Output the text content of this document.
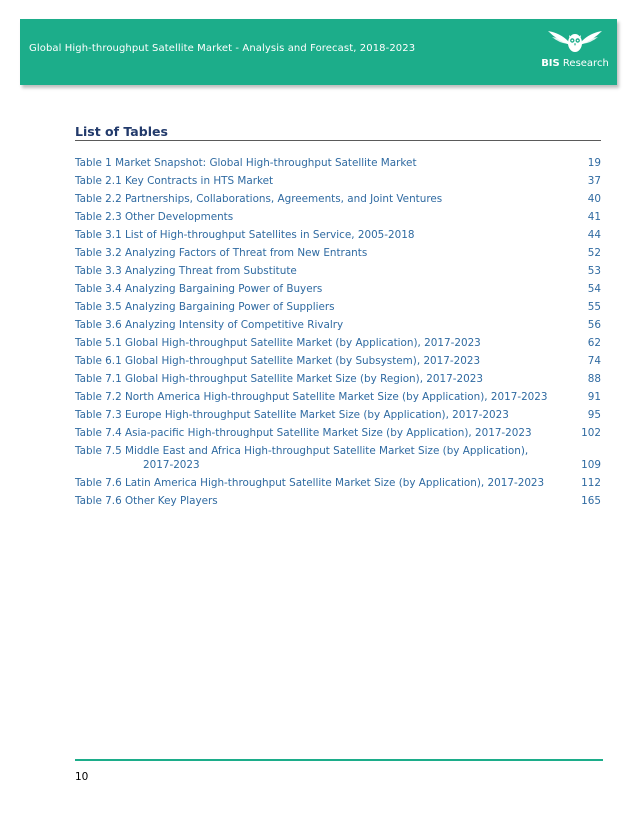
Global High-throughput Satellite Market - Analysis and Forecast, 2018-2023
BIS Research
List of Tables
Table 1 Market Snapshot: Global High-throughput Satellite Market	19
Table 2.1 Key Contracts in HTS Market	37
Table 2.2 Partnerships, Collaborations, Agreements, and Joint Ventures	40
Table 2.3 Other Developments	41
Table 3.1 List of High-throughput Satellites in Service, 2005-2018	44
Table 3.2 Analyzing Factors of Threat from New Entrants	52
Table 3.3 Analyzing Threat from Substitute	53
Table 3.4 Analyzing Bargaining Power of Buyers	54
Table 3.5 Analyzing Bargaining Power of Suppliers	55
Table 3.6 Analyzing Intensity of Competitive Rivalry	56
Table 5.1 Global High-throughput Satellite Market (by Application), 2017-2023	62
Table 6.1 Global High-throughput Satellite Market (by Subsystem), 2017-2023	74
Table 7.1 Global High-throughput Satellite Market Size (by Region), 2017-2023	88
Table 7.2 North America High-throughput Satellite Market Size (by Application), 2017-2023	91
Table 7.3 Europe High-throughput Satellite Market Size (by Application), 2017-2023	95
Table 7.4 Asia-pacific High-throughput Satellite Market Size (by Application), 2017-2023	102
Table 7.5 Middle East and Africa High-throughput Satellite Market Size (by Application),
2017-2023	109
Table 7.6 Latin America High-throughput Satellite Market Size (by Application), 2017-2023	112
Table 7.6 Other Key Players	165
10
